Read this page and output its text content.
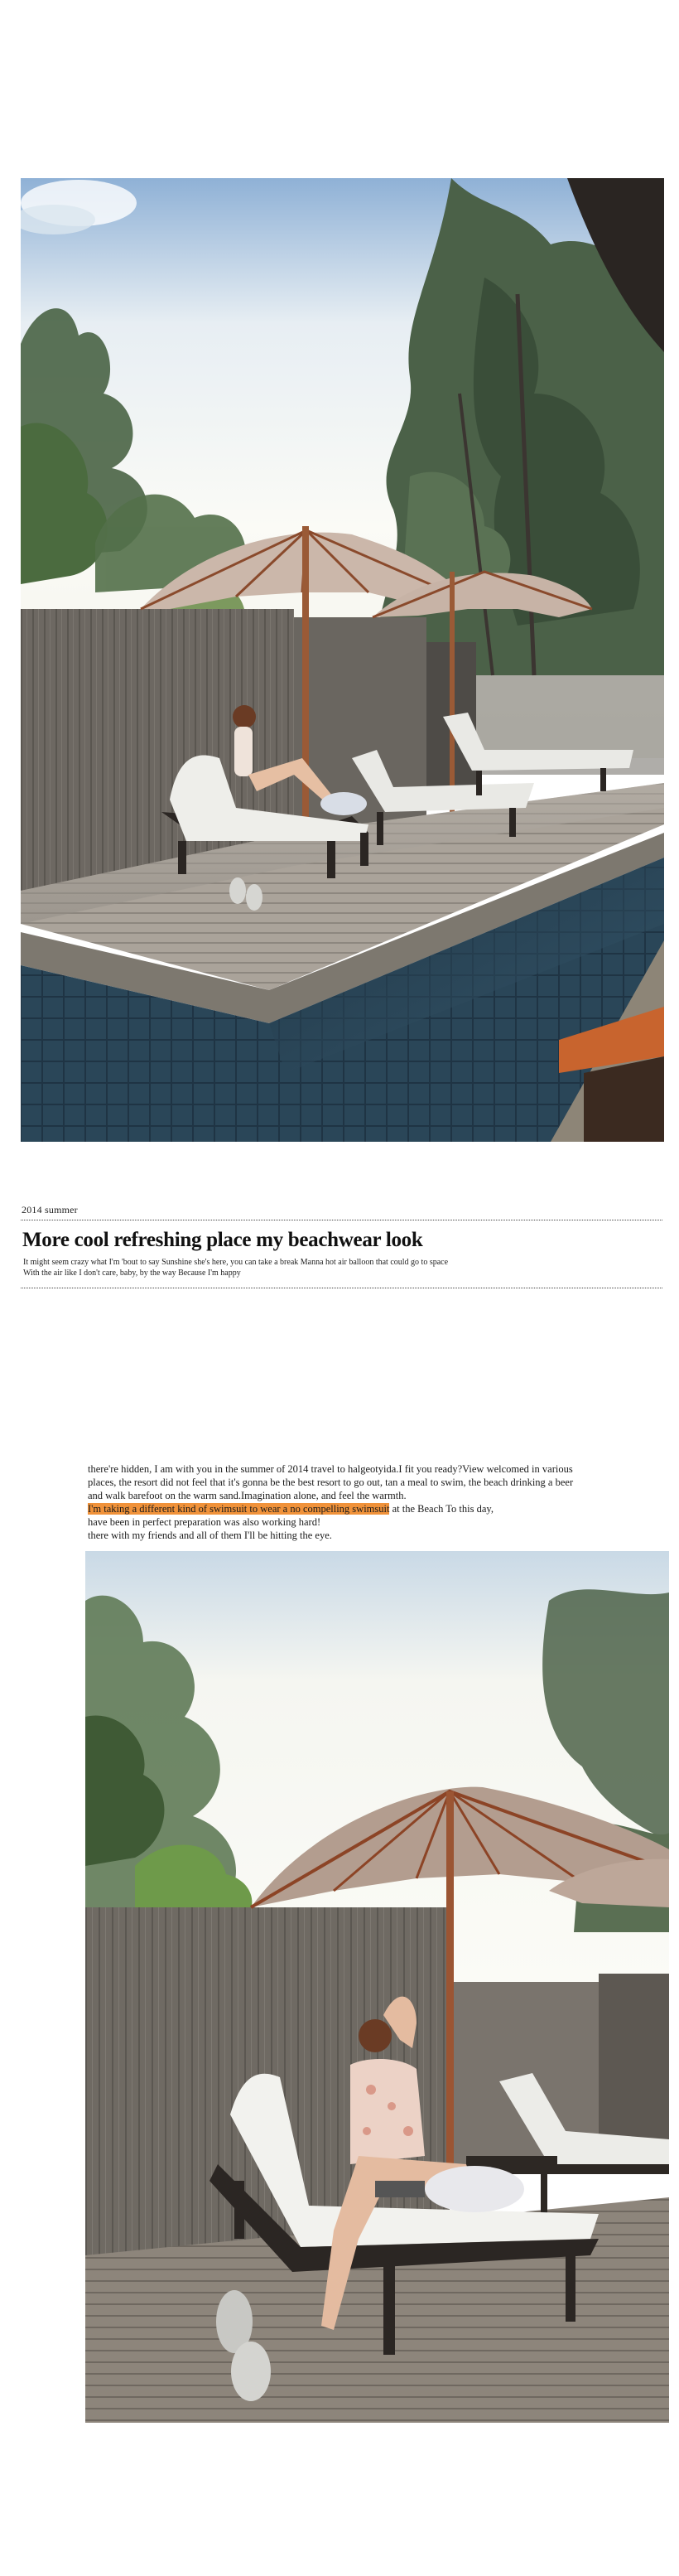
2014 summer
More cool refreshing place my beachwear look
It might seem crazy what I'm 'bout to say Sunshine she's here, you can take a break Manna hot air balloon that could go to space
With the air like I don't care, baby, by the way Because I'm happy
there're hidden, I am with you in the summer of 2014 travel to halgeotyida.I fit you ready?View welcomed in various
places, the resort did not feel that it's gonna be the best resort to go out, tan a meal to swim, the beach drinking a beer
and walk barefoot on the warm sand.Imagination alone, and feel the warmth.
I'm taking a different kind of swimsuit to wear a no compelling swimsuit at the Beach To this day,
have been in perfect preparation was also working hard!
there with my friends and all of them I'll be hitting the eye.
